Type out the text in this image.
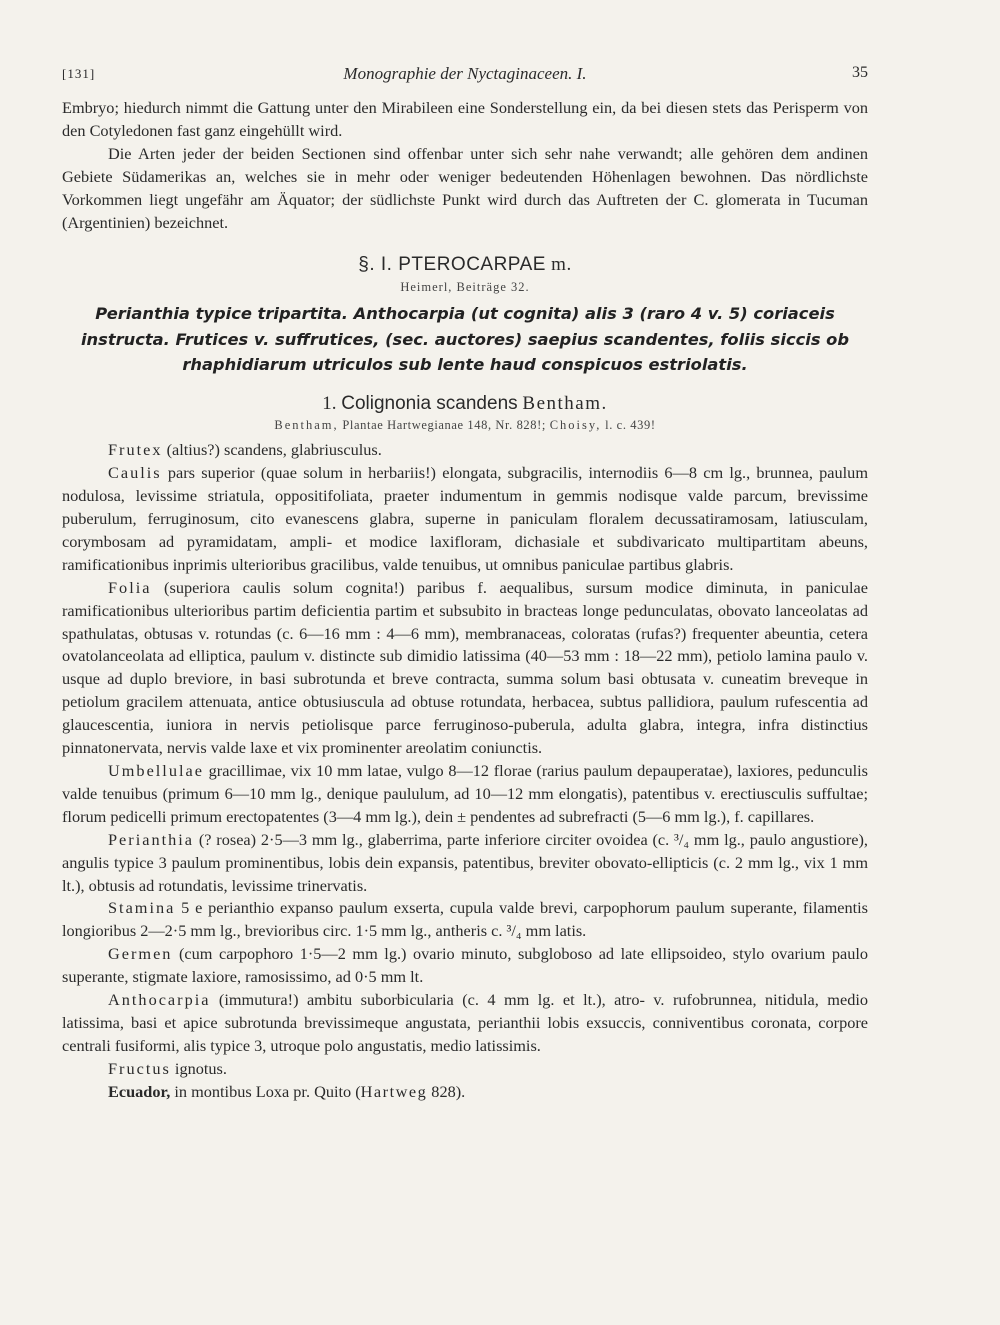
[131]	Monographie der Nyctaginaceen. I.	35

Embryo; hiedurch nimmt die Gattung unter den Mirabileen eine Sonderstellung ein, da bei diesen stets das Perisperm von den Cotyledonen fast ganz eingehüllt wird.

Die Arten jeder der beiden Sectionen sind offenbar unter sich sehr nahe verwandt; alle gehören dem andinen Gebiete Südamerikas an, welches sie in mehr oder weniger bedeutenden Höhenlagen bewohnen. Das nördlichste Vorkommen liegt ungefähr am Äquator; der südlichste Punkt wird durch das Auftreten der C. glomerata in Tucuman (Argentinien) bezeichnet.

§. I. PTEROCARPAE m.
Heimerl, Beiträge 32.
Perianthia typice tripartita. Anthocarpia (ut cognita) alis 3 (raro 4 v. 5) coriaceis instructa. Frutices v. suffrutices, (sec. auctores) saepius scandentes, foliis siccis ob rhaphidiarum utriculos sub lente haud conspicuos estriolatis.
1. Colignonia scandens Bentham.
Bentham, Plantae Hartwegianae 148, Nr. 828!; Choisy, l. c. 439!

Frutex (altius?) scandens, glabriusculus.

Caulis pars superior (quae solum in herbariis!) elongata, subgracilis, internodiis 6—8 cm lg., brunnea, paulum nodulosa, levissime striatula, oppositifoliata, praeter indumentum in gemmis nodisque valde parcum, brevissime puberulum, ferruginosum, cito evanescens glabra, superne in paniculam floralem decussatiramosam, latiusculam, corymbosam ad pyramidatam, ampli- et modice laxifloram, dichasiale et subdivaricato multipartitam abeuns, ramificationibus inprimis ulterioribus gracilibus, valde tenuibus, ut omnibus paniculae partibus glabris.

Folia (superiora caulis solum cognita!) paribus f. aequalibus, sursum modice diminuta, in paniculae ramificationibus ulterioribus partim deficientia partim et subsubito in bracteas longe pedunculatas, obovato lanceolatas ad spathulatas, obtusas v. rotundas (c. 6—16 mm : 4—6 mm), membranaceas, coloratas (rufas?) frequenter abeuntia, cetera ovatolanceolata ad elliptica, paulum v. distincte sub dimidio latissima (40—53 mm : 18—22 mm), petiolo lamina paulo v. usque ad duplo breviore, in basi subrotunda et breve contracta, summa solum basi obtusata v. cuneatim breveque in petiolum gracilem attenuata, antice obtusiuscula ad obtuse rotundata, herbacea, subtus pallidiora, paulum rufescentia ad glaucescentia, iuniora in nervis petiolisque parce ferruginoso-puberula, adulta glabra, integra, infra distinctius pinnatonervata, nervis valde laxe et vix prominenter areolatim coniunctis.

Umbellulae gracillimae, vix 10 mm latae, vulgo 8—12 florae (rarius paulum depauperatae), laxiores, pedunculis valde tenuibus (primum 6—10 mm lg., denique paululum, ad 10—12 mm elongatis), patentibus v. erectiusculis suffultae; florum pedicelli primum erectopatentes (3—4 mm lg.), dein ± pendentes ad subrefracti (5—6 mm lg.), f. capillares.

Perianthia (? rosea) 2·5—3 mm lg., glaberrima, parte inferiore circiter ovoidea (c. ³/₄ mm lg., paulo angustiore), angulis typice 3 paulum prominentibus, lobis dein expansis, patentibus, breviter obovato-ellipticis (c. 2 mm lg., vix 1 mm lt.), obtusis ad rotundatis, levissime trinervatis.

Stamina 5 e perianthio expanso paulum exserta, cupula valde brevi, carpophorum paulum superante, filamentis longioribus 2—2·5 mm lg., brevioribus circ. 1·5 mm lg., antheris c. ³/₄ mm latis.

Germen (cum carpophoro 1·5—2 mm lg.) ovario minuto, subgloboso ad late ellipsoideo, stylo ovarium paulo superante, stigmate laxiore, ramosissimo, ad 0·5 mm lt.

Anthocarpia (immutura!) ambitu suborbicularia (c. 4 mm lg. et lt.), atro- v. rufobrunnea, nitidula, medio latissima, basi et apice subrotunda brevissimeque angustata, perianthii lobis exsuccis, conniventibus coronata, corpore centrali fusiformi, alis typice 3, utroque polo angustatis, medio latissimis.

Fructus ignotus.

Ecuador, in montibus Loxa pr. Quito (Hartweg 828).
